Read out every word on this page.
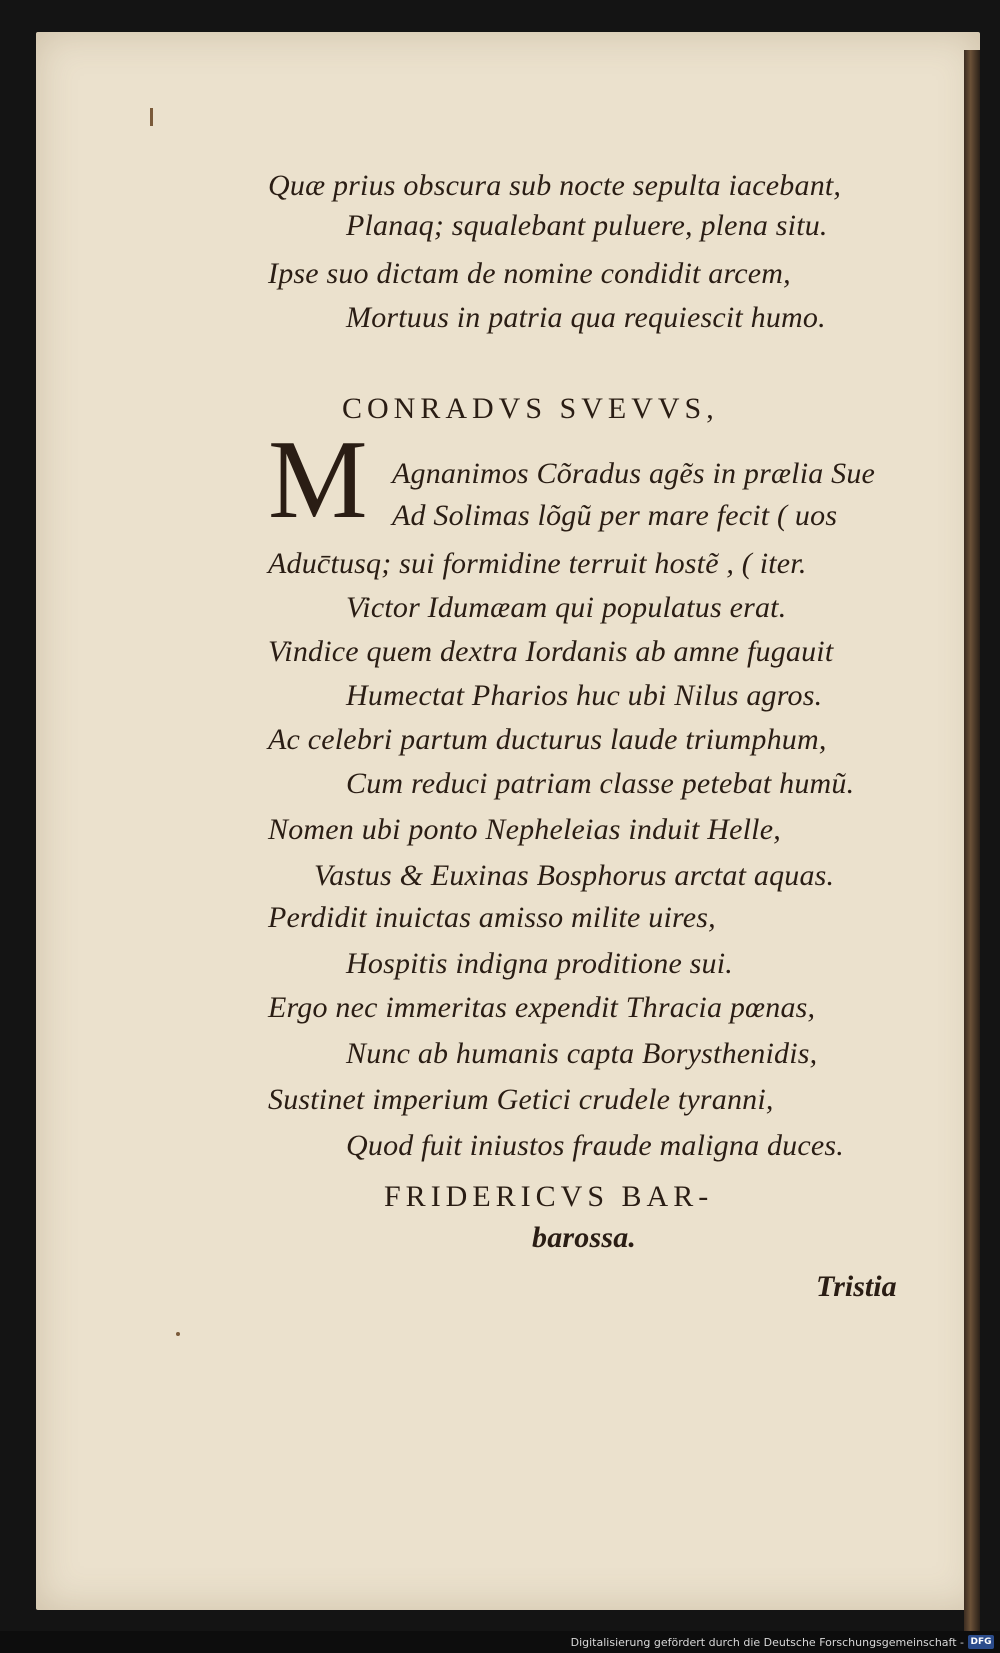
Quæ prius obscura sub nocte sepulta iacebant,
Planaq; squalebant puluere, plena situ.
Ipse suo dictam de nomine condidit arcem,
Mortuus in patria qua requiescit humo.
CONRADVS SVEVVS,
M Agnanimos Cõradus agẽs in prælia Sue
Ad Solimas lõgũ per mare fecit ( uos
Aduc̄tusq; sui formidine terruit hostẽ , ( iter.
Victor Idumæam qui populatus erat.
Vindice quem dextra Iordanis ab amne fugauit
Humectat Pharios huc ubi Nilus agros.
Ac celebri partum ducturus laude triumphum,
Cum reduci patriam classe petebat humũ.
Nomen ubi ponto Nepheleias induit Helle,
Vastus & Euxinas Bosphorus arctat aquas.
Perdidit inuictas amisso milite uires,
Hospitis indigna proditione sui.
Ergo nec immeritas expendit Thracia pœnas,
Nunc ab humanis capta Borysthenidis,
Sustinet imperium Getici crudele tyranni,
Quod fuit iniustos fraude maligna duces.
FRIDERICVS BAR-
barossa.
Tristia
Digitalisierung gefördert durch die Deutsche Forschungsgemeinschaft - DFG
